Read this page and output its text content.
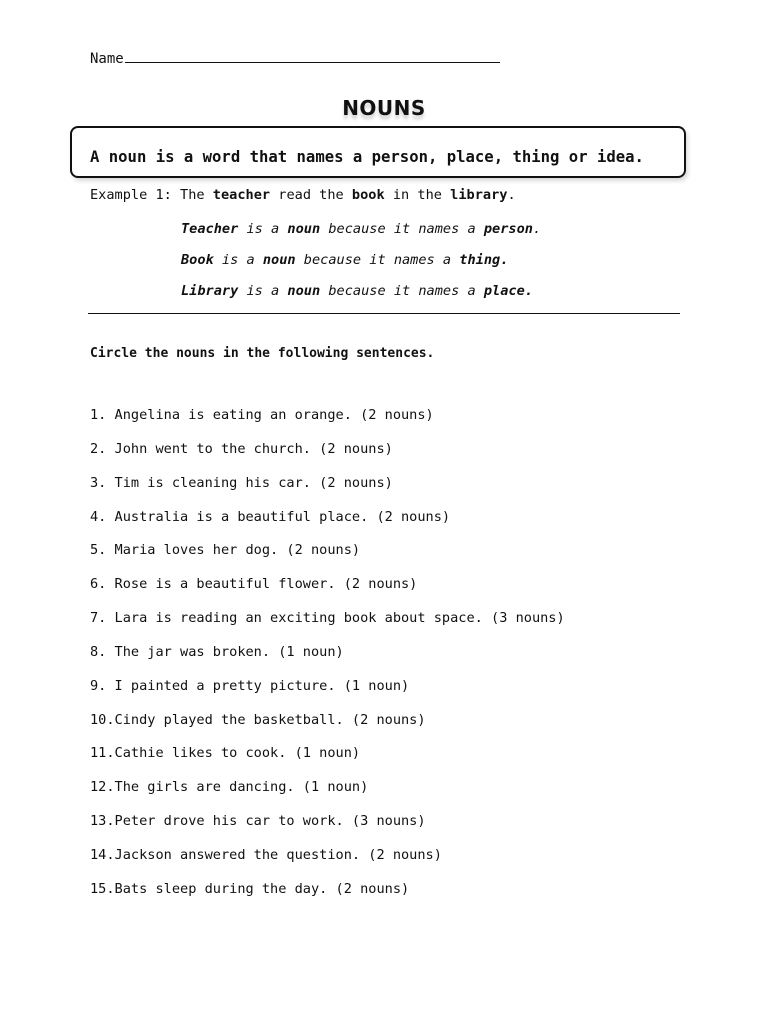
Name
NOUNS
A noun is a word that names a person, place, thing or idea.
Example 1: The teacher read the book in the library.
Teacher is a noun because it names a person.
Book is a noun because it names a thing.
Library is a noun because it names a place.
Circle the nouns in the following sentences.
1. Angelina is eating an orange. (2 nouns)
2. John went to the church. (2 nouns)
3. Tim is cleaning his car. (2 nouns)
4. Australia is a beautiful place. (2 nouns)
5. Maria loves her dog. (2 nouns)
6. Rose is a beautiful flower. (2 nouns)
7. Lara is reading an exciting book about space. (3 nouns)
8. The jar was broken. (1 noun)
9. I painted a pretty picture. (1 noun)
10.Cindy played the basketball. (2 nouns)
11.Cathie likes to cook. (1 noun)
12.The girls are dancing. (1 noun)
13.Peter drove his car to work. (3 nouns)
14.Jackson answered the question. (2 nouns)
15.Bats sleep during the day. (2 nouns)
